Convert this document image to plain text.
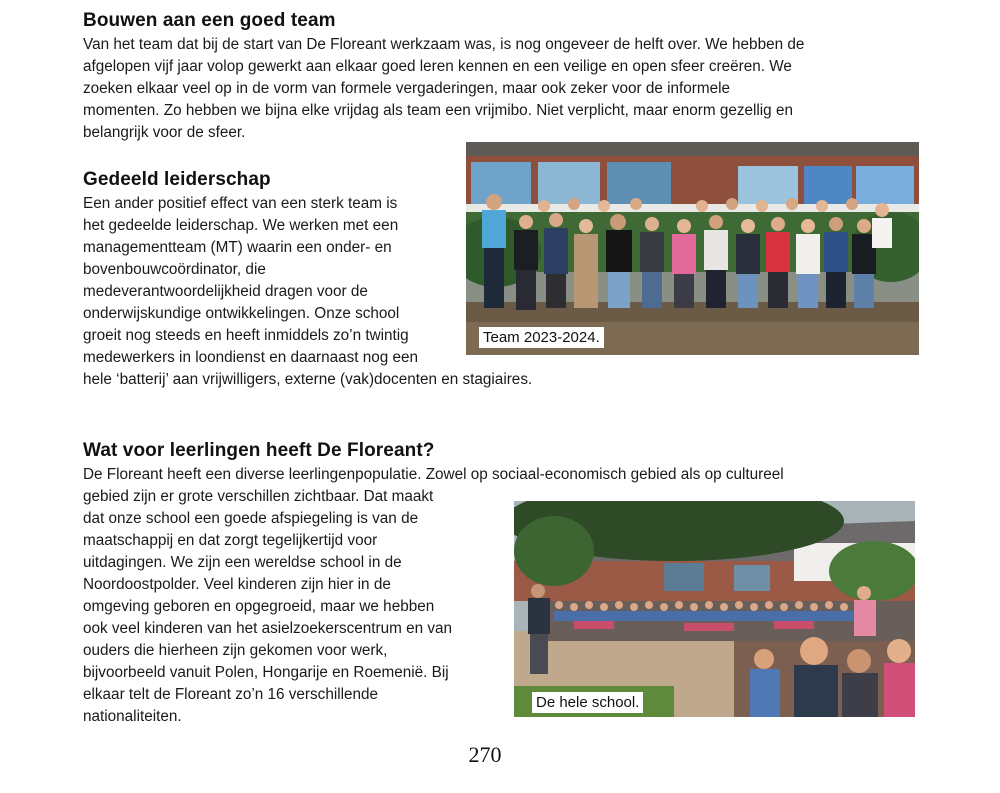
Bouwen aan een goed team

Van het team dat bij de start van De Floreant werkzaam was, is nog ongeveer de helft over. We hebben de

afgelopen vijf jaar volop gewerkt aan elkaar goed leren kennen en een veilige en open sfeer creëren. We

zoeken elkaar veel op in de vorm van formele vergaderingen, maar ook zeker voor de informele

momenten. Zo hebben we bijna elke vrijdag als team een vrijmibo. Niet verplicht, maar enorm gezellig en

belangrijk voor de sfeer.

Gedeeld leiderschap

Een ander positief effect van een sterk team is

het gedeelde leiderschap. We werken met een

managementteam (MT) waarin een onder- en

bovenbouwcoördinator, die

medeverantwoordelijkheid dragen voor de

onderwijskundige ontwikkelingen. Onze school

groeit nog steeds en heeft inmiddels zo’n twintig

medewerkers in loondienst en daarnaast nog een

hele ‘batterij’ aan vrijwilligers, externe (vak)docenten en stagiaires.

Team 2023-2024.
Wat voor leerlingen heeft De Floreant?

De Floreant heeft een diverse leerlingenpopulatie. Zowel op sociaal-economisch gebied als op cultureel

gebied zijn er grote verschillen zichtbaar. Dat maakt

dat onze school een goede afspiegeling is van de

maatschappij en dat zorgt tegelijkertijd voor

uitdagingen. We zijn een wereldse school in de

Noordoostpolder. Veel kinderen zijn hier in de

omgeving geboren en opgegroeid, maar we hebben

ook veel kinderen van het asielzoekerscentrum en van

ouders die hierheen zijn gekomen voor werk,

bijvoorbeeld vanuit Polen, Hongarije en Roemenië. Bij

elkaar telt de Floreant zo’n 16 verschillende

nationaliteiten.

De hele school.
270
